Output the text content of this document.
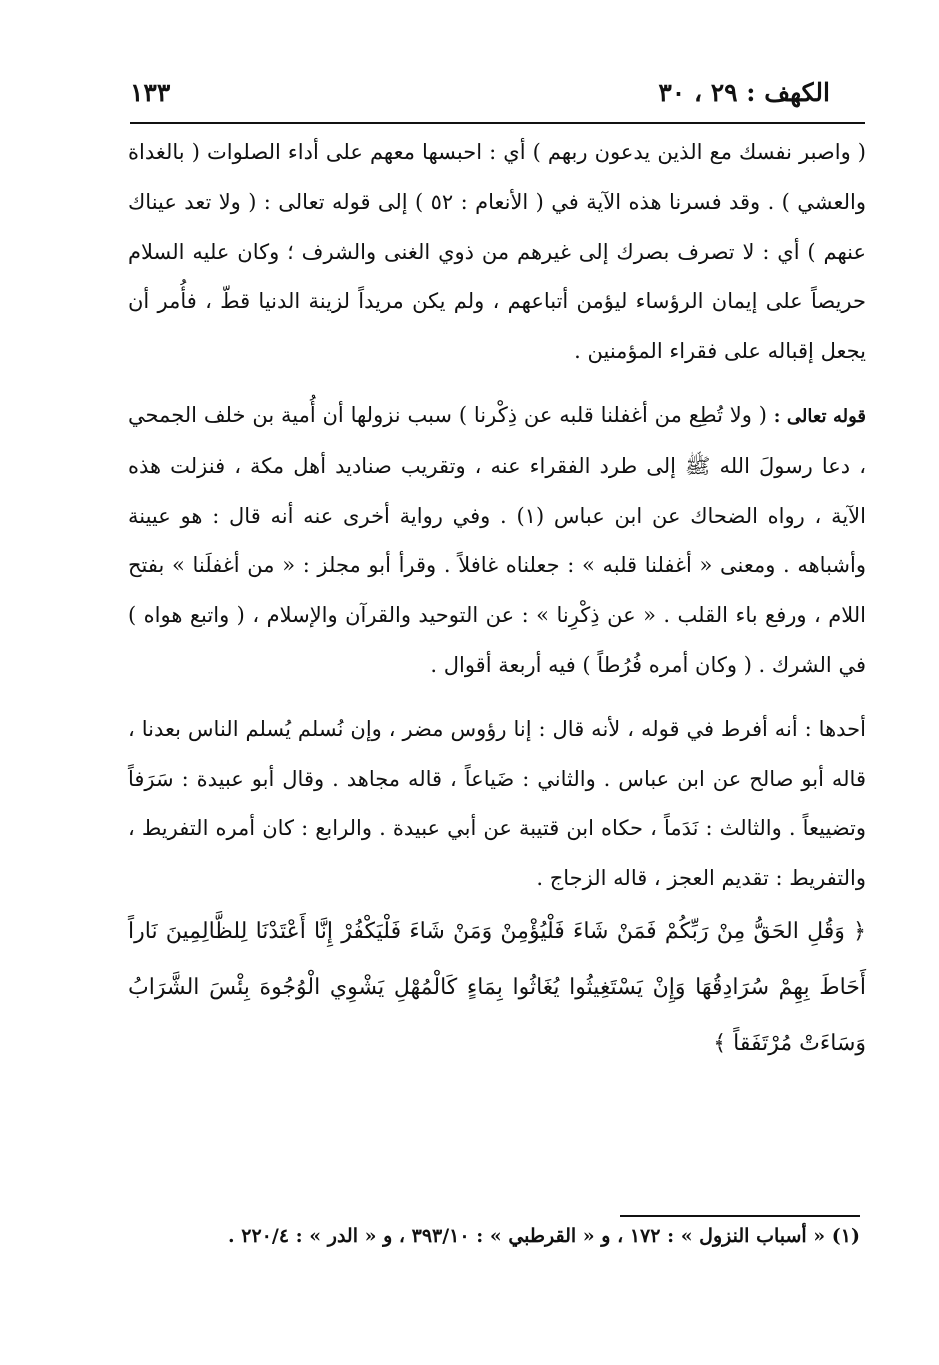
الكهف : ٢٩ ، ٣٠
١٣٣

( واصبر نفسك مع الذين يدعون ربهم ) أي : احبسها معهم على أداء الصلوات ( بالغداة والعشي ) . وقد فسرنا هذه الآية في ( الأنعام : ٥٢ ) إلى قوله تعالى : ( ولا تعد عيناك عنهم ) أي : لا تصرف بصرك إلى غيرهم من ذوي الغنى والشرف ؛ وكان عليه السلام حريصاً على إيمان الرؤساء ليؤمن أتباعهم ، ولم يكن مريداً لزينة الدنيا قطّ ، فأُمر أن يجعل إقباله على فقراء المؤمنين .

قوله تعالى : ( ولا تُطِع من أغفلنا قلبه عن ذِكْرنا ) سبب نزولها أن أُمية بن خلف الجمحي ، دعا رسولَ الله ﷺ إلى طرد الفقراء عنه ، وتقريب صناديد أهل مكة ، فنزلت هذه الآية ، رواه الضحاك عن ابن عباس (١) . وفي رواية أخرى عنه أنه قال : هو عيينة وأشباهه . ومعنى « أغفلنا قلبه » : جعلناه غافلاً . وقرأ أبو مجلز : « من أغفلَنا » بفتح اللام ، ورفع باء القلب . « عن ذِكْرِنا » : عن التوحيد والقرآن والإسلام ، ( واتبع هواه ) في الشرك . ( وكان أمره فُرُطاً ) فيه أربعة أقوال .

أحدها : أنه أفرط في قوله ، لأنه قال : إنا رؤوس مضر ، وإن نُسلم يُسلم الناس بعدنا ، قاله أبو صالح عن ابن عباس . والثاني : ضَياعاً ، قاله مجاهد . وقال أبو عبيدة : سَرَفاً وتضييعاً . والثالث : نَدَماً ، حكاه ابن قتيبة عن أبي عبيدة . والرابع : كان أمره التفريط ، والتفريط : تقديم العجز ، قاله الزجاج .

﴿ وَقُلِ الحَقُّ مِنْ رَبِّكُمْ فَمَنْ شَاءَ فَلْيُؤْمِنْ وَمَنْ شَاءَ فَلْيَكْفُرْ إِنَّا أَعْتَدْنَا لِلظَّالِمِينَ نَاراً أَحَاطَ بِهِمْ سُرَادِقُهَا وَإِنْ يَسْتَغِيثُوا يُغَاثُوا بِمَاءٍ كَالْمُهْلِ يَشْوِي الْوُجُوهَ بِئْسَ الشَّرَابُ وَسَاءَتْ مُرْتَفَقاً ﴾

(١) « أسباب النزول » : ١٧٢ ، و « القرطبي » : ٣٩٣/١٠ ، و « الدر » : ٢٢٠/٤ .
